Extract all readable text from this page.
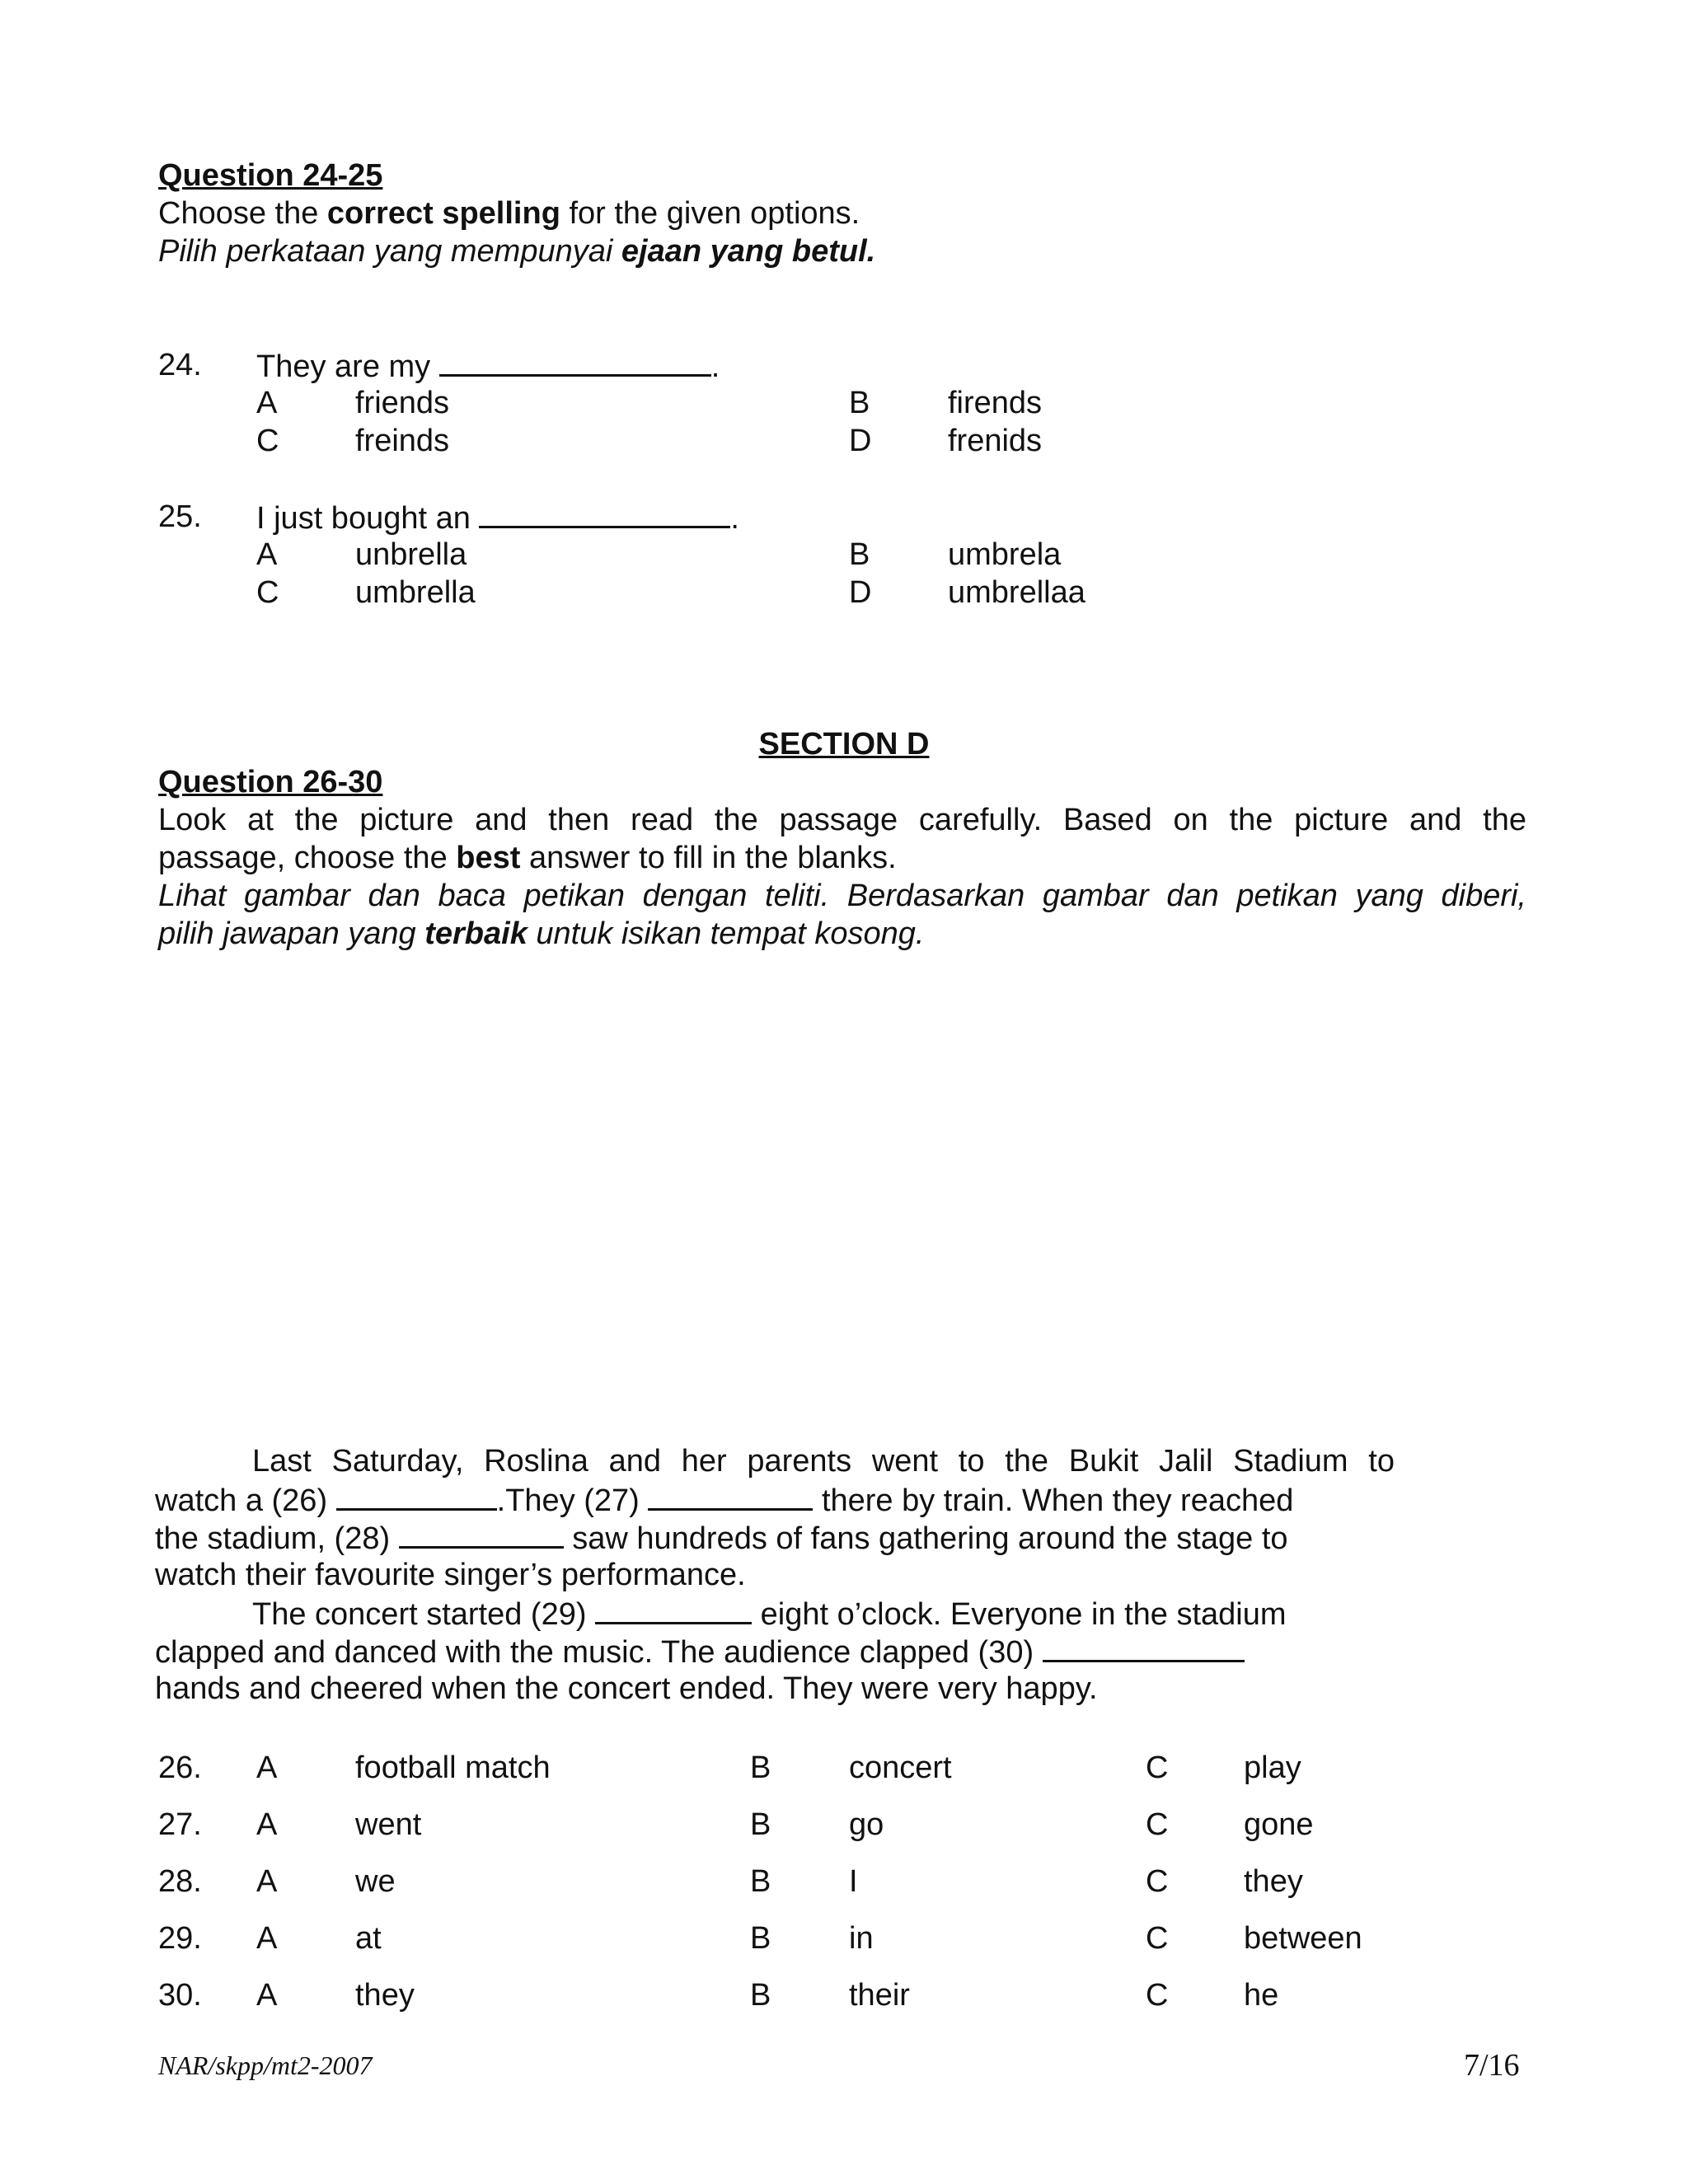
Question 24-25
Choose the correct spelling for the given options.
Pilih perkataan yang mempunyai ejaan yang betul.
24. They are my	.
A friends	B firends
C freinds	D frenids
25. I just bought an	.
A unbrella	B umbrela
C umbrella	D umbrellaa
SECTION D
Question 26-30
Look at the picture and then read the passage carefully. Based on the picture and the
passage, choose the best answer to fill in the blanks.
Lihat gambar dan baca petikan dengan teliti. Berdasarkan gambar dan petikan yang diberi,
pilih jawapan yang terbaik untuk isikan tempat kosong.
Last Saturday, Roslina and her parents went to the Bukit Jalil Stadium to
watch a (26)	.They (27)	there by train. When they reached
the stadium, (28)	saw hundreds of fans gathering around the stage to
watch their favourite singer’s performance.
The concert started (29)	eight o’clock. Everyone in the stadium
clapped and danced with the music. The audience clapped (30)
hands and cheered when the concert ended. They were very happy.
26. A football match	B concert	C play
27. A went	B go	C gone
28. A we	B I	C they
29. A at	B in	C between
30. A they	B their	C he
NAR/skpp/mt2-2007	7/16
